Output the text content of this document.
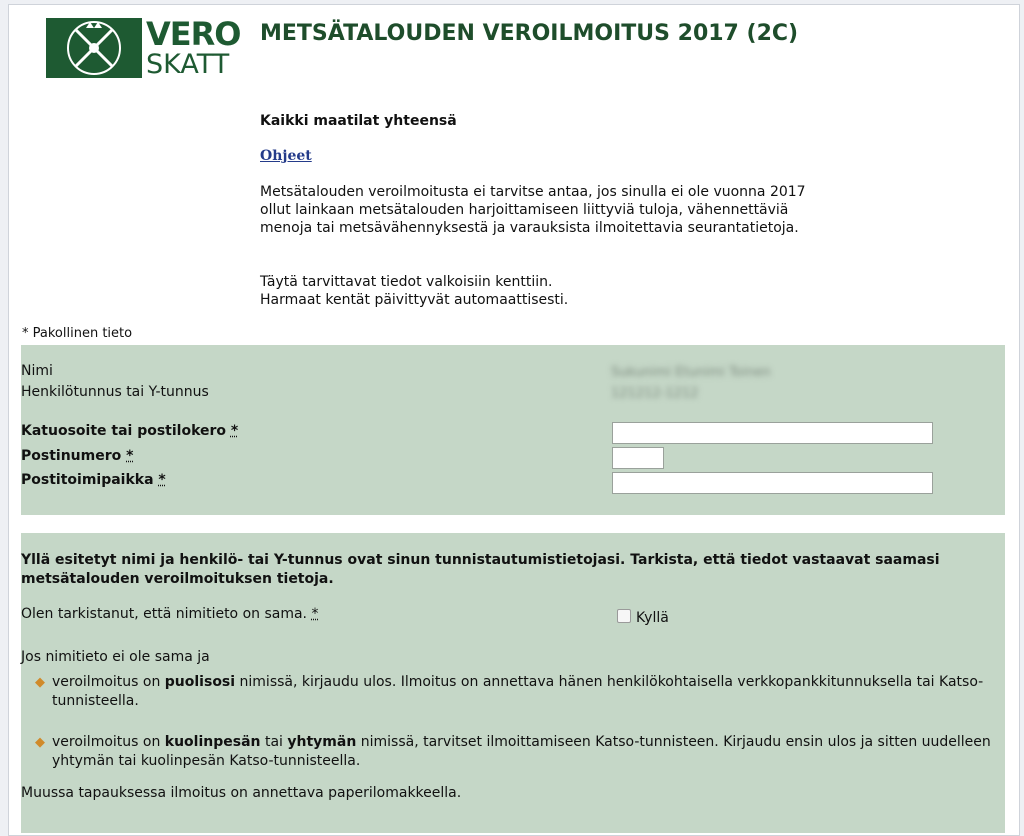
VERO
SKATT
METSÄTALOUDEN VEROILMOITUS 2017 (2C)

Kaikki maatilat yhteensä

Ohjeet

Metsätalouden veroilmoitusta ei tarvitse antaa, jos sinulla ei ole vuonna 2017 ollut lainkaan metsätalouden harjoittamiseen liittyviä tuloja, vähennettäviä menoja tai metsävähennyksestä ja varauksista ilmoitettavia seurantatietoja.

Täytä tarvittavat tiedot valkoisiin kenttiin.
Harmaat kentät päivittyvät automaattisesti.

* Pakollinen tieto
Nimi
Henkilötunnus tai Y-tunnus
Sukunimi Etunimi Toinen
121212-1212
Katuosoite tai postilokero *
Postinumero *
Postitoimipaikka *

Yllä esitetyt nimi ja henkilö- tai Y-tunnus ovat sinun tunnistautumistietojasi. Tarkista, että tiedot vastaavat saamasi metsätalouden veroilmoituksen tietoja.

Olen tarkistanut, että nimitieto on sama. *	Kyllä
Jos nimitieto ei ole sama ja
◆ veroilmoitus on puolisosi nimissä, kirjaudu ulos. Ilmoitus on annettava hänen henkilökohtaisella verkkopankkitunnuksella tai Katso-tunnisteella.

◆ veroilmoitus on kuolinpesän tai yhtymän nimissä, tarvitset ilmoittamiseen Katso-tunnisteen. Kirjaudu ensin ulos ja sitten uudelleen yhtymän tai kuolinpesän Katso-tunnisteella.

Muussa tapauksessa ilmoitus on annettava paperilomakkeella.
